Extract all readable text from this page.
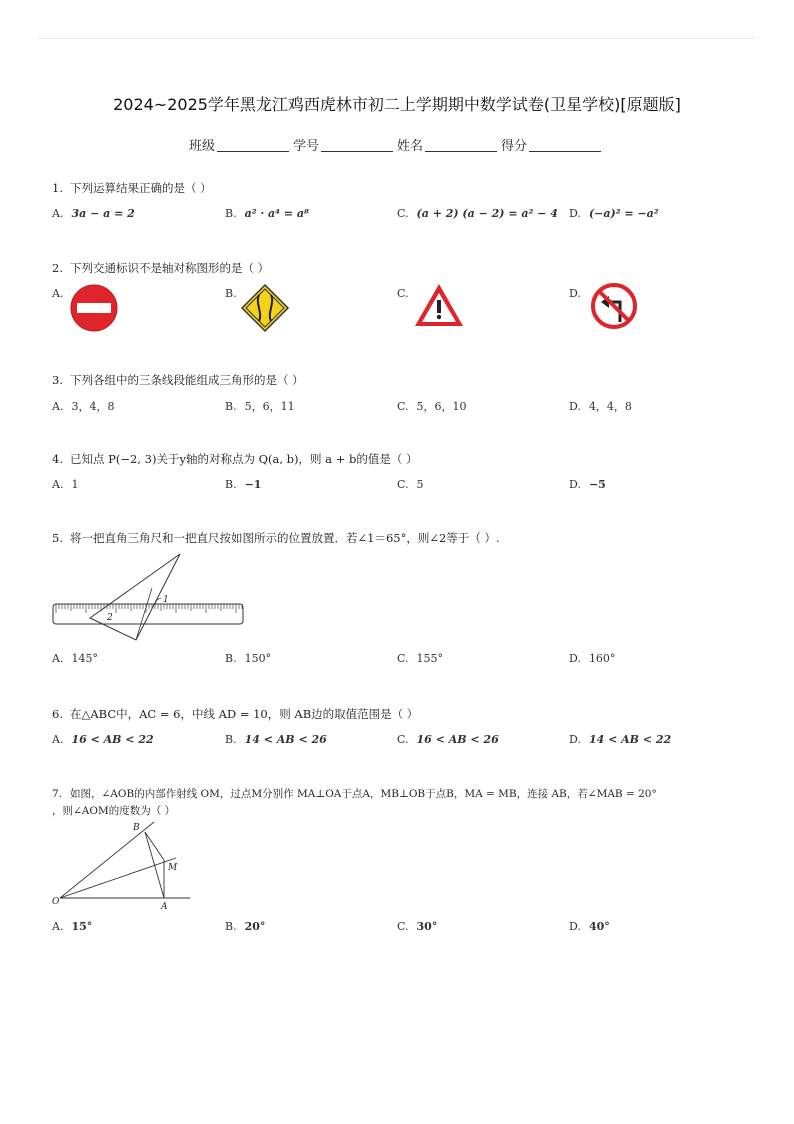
2024~2025学年黑龙江鸡西虎林市初二上学期期中数学试卷(卫星学校)[原题版]
班级	学号	姓名	得分
1. 下列运算结果正确的是（ ）
A. 3a − a = 2	B. a² · a⁴ = a⁸	C. (a + 2) (a − 2) = a² − 4 D. (−a)² = −a²
2. 下列交通标识不是轴对称图形的是（ ）
A.	B.	C.	D.
3. 下列各组中的三条线段能组成三角形的是（ ）
A. 3，4，8	B. 5，6，11	C. 5，6，10	D. 4，4，8
4. 已知点 P(−2, 3)关于y轴的对称点为 Q(a, b)，则 a + b的值是（ ）
A. 1	B. −1	C. 5	D. −5
5. 将一把直角三角尺和一把直尺按如图所示的位置放置．若∠1＝65°，则∠2等于（ ）.
1
2
A. 145°	B. 150°	C. 155°	D. 160°
6. 在△ABC中，AC = 6，中线 AD = 10，则 AB边的取值范围是（ ）
A. 16 < AB < 22	B. 14 < AB < 26	C. 16 < AB < 26	D. 14 < AB < 22
7. 如图，∠AOB的内部作射线 OM，过点M分别作 MA⊥OA于点A，MB⊥OB于点B，MA = MB，连接 AB，若∠MAB = 20°
，则∠AOM的度数为（ ）
O	A
B
M
A. 15°	B. 20°	C. 30°	D. 40°
